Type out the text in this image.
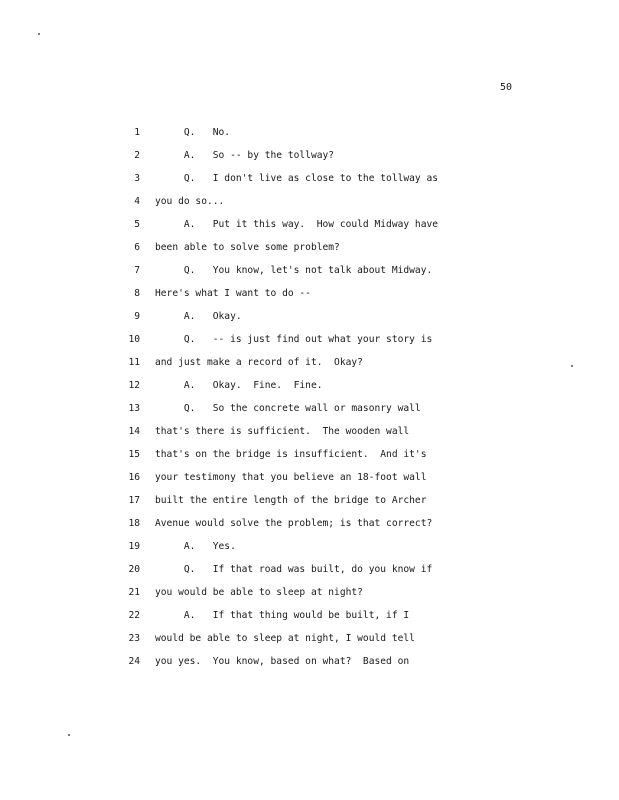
50
1 Q.   No.
2 A.   So -- by the tollway?
3 Q.   I don't live as close to the tollway as
4 you do so...
5 A.   Put it this way.  How could Midway have
6 been able to solve some problem?
7 Q.   You know, let's not talk about Midway.
8 Here's what I want to do --
9 A.   Okay.
10 Q.   -- is just find out what your story is
11 and just make a record of it.  Okay?
12 A.   Okay.  Fine.  Fine.
13 Q.   So the concrete wall or masonry wall
14 that's there is sufficient.  The wooden wall
15 that's on the bridge is insufficient.  And it's
16 your testimony that you believe an 18-foot wall
17 built the entire length of the bridge to Archer
18 Avenue would solve the problem; is that correct?
19 A.   Yes.
20 Q.   If that road was built, do you know if
21 you would be able to sleep at night?
22 A.   If that thing would be built, if I
23 would be able to sleep at night, I would tell
24 you yes.  You know, based on what?  Based on
